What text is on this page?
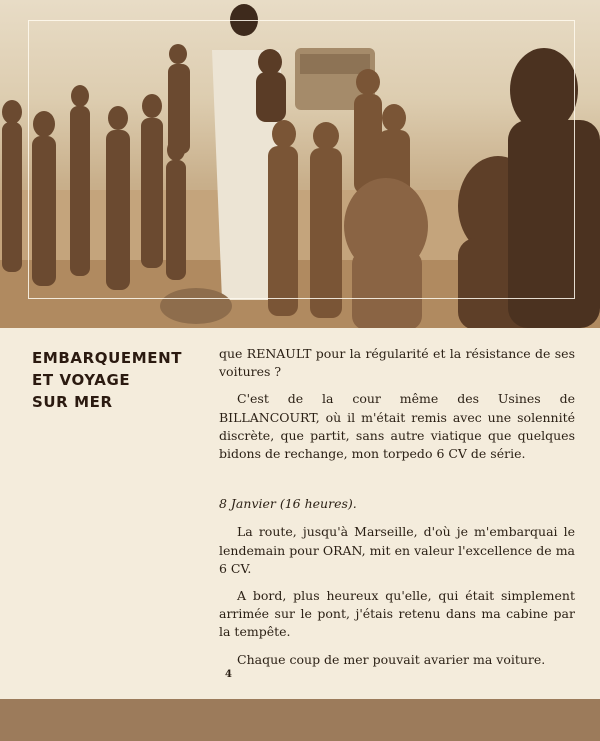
EMBARQUEMENT
ET VOYAGE
SUR MER

que RENAULT pour la régularité et la résistance de ses voitures ?

C'est de la cour même des Usines de BILLANCOURT, où il m'était remis avec une solennité discrète, que partit, sans autre viatique que quelques bidons de rechange, mon torpedo 6 CV de série.

8 Janvier (16 heures).

La route, jusqu'à Marseille, d'où je m'embarquai le lendemain pour ORAN, mit en valeur l'excellence de ma 6 CV.

A bord, plus heureux qu'elle, qui était simplement arrimée sur le pont, j'étais retenu dans ma cabine par la tempête.

Chaque coup de mer pouvait avarier ma voiture.

4
